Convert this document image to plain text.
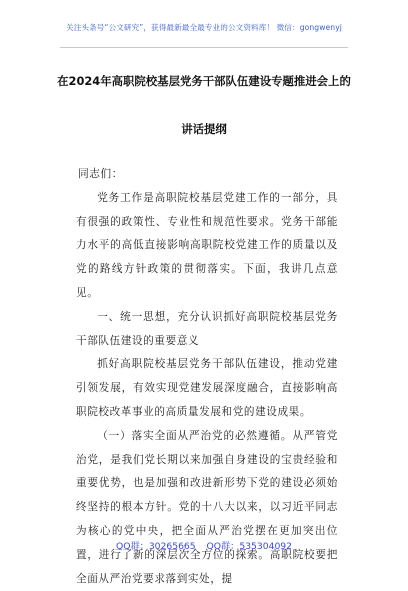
关注头条号“公文研究”，获得最新最全最专业的公文资料库！ 微信：gongwenyj
在2024年高职院校基层党务干部队伍建设专题推进会上的
讲话提纲

同志们：

党务工作是高职院校基层党建工作的一部分，具有很强的政策性、专业性和规范性要求。党务干部能力水平的高低直接影响高职院校党建工作的质量以及党的路线方针政策的贯彻落实。下面，我讲几点意见。

一、统一思想，充分认识抓好高职院校基层党务干部队伍建设的重要意义

抓好高职院校基层党务干部队伍建设，推动党建引领发展，有效实现党建发展深度融合，直接影响高职院校改革事业的高质量发展和党的建设成果。

（一）落实全面从严治党的必然遵循。从严管党治党，是我们党长期以来加强自身建设的宝贵经验和重要优势，也是加强和改进新形势下党的建设必须始终坚持的根本方针。党的十八大以来，以习近平同志为核心的党中央，把全面从严治党摆在更加突出位置，进行了新的深层次全方位的探索。高职院校要把全面从严治党要求落到实处，提

QQ群：30265665 QQ群：535304092
